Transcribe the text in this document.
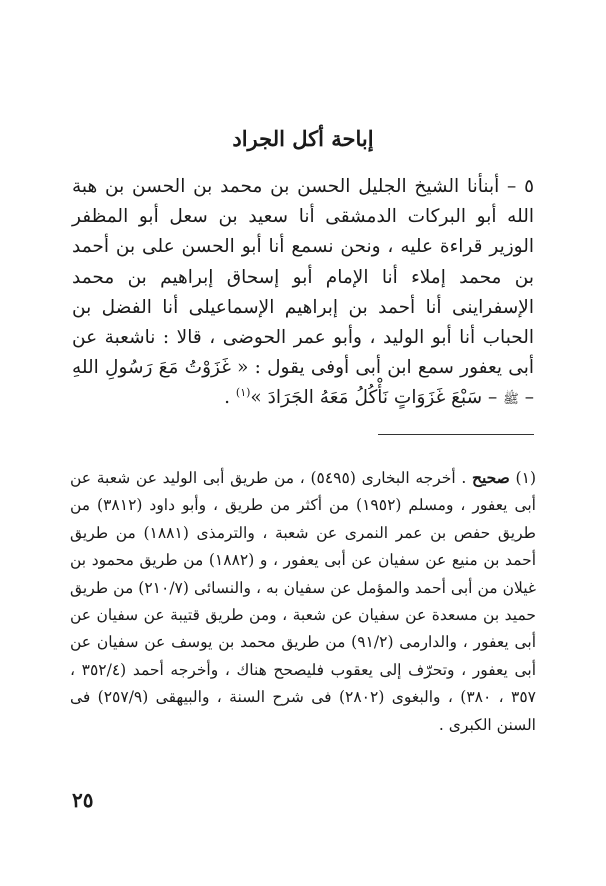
إباحة أكل الجراد

٥ – أبنأنا الشيخ الجليل الحسن بن محمد بن الحسن بن هبة الله أبو البركات الدمشقى أنا سعيد بن سعل أبو المظفر الوزير قراءة عليه ، ونحن نسمع أنا أبو الحسن على بن أحمد بن محمد إملاء أنا الإمام أبو إسحاق إبراهيم بن محمد الإسفراينى أنا أحمد بن إبراهيم الإسماعيلى أنا الفضل بن الحباب أنا أبو الوليد ، وأبو عمر الحوضى ، قالا : ناشعبة عن أبى يعفور سمع ابن أبى أوفى يقول : « غَزَوْتُ مَعَ رَسُولِ اللهِ – ﷺ – سَبْعَ غَزَوَاتٍ نَأْكُلُ مَعَهُ الجَرَادَ »$^{(١)}$ .

(١) صحيح . أخرجه البخارى (٥٤٩٥) ، من طريق أبى الوليد عن شعبة عن أبى يعفور ، ومسلم (١٩٥٢) من أكثر من طريق ، وأبو داود (٣٨١٢) من طريق حفص بن عمر النمرى عن شعبة ، والترمذى (١٨٨١) من طريق أحمد بن منيع عن سفيان عن أبى يعفور ، و (١٨٨٢) من طريق محمود بن غيلان من أبى أحمد والمؤمل عن سفيان به ، والنسائى (٢١٠/٧) من طريق حميد بن مسعدة عن سفيان عن شعبة ، ومن طريق قتيبة عن سفيان عن أبى يعفور ، والدارمى (٩١/٢) من طريق محمد بن يوسف عن سفيان عن أبى يعفور ، وتحرّف إلى يعقوب فليصحح هناك ، وأخرجه أحمد (٣٥٢/٤ ، ٣٥٧ ، ٣٨٠) ، والبغوى (٢٨٠٢) فى شرح السنة ، والبيهقى (٢٥٧/٩) فى السنن الكبرى .

٢٥
